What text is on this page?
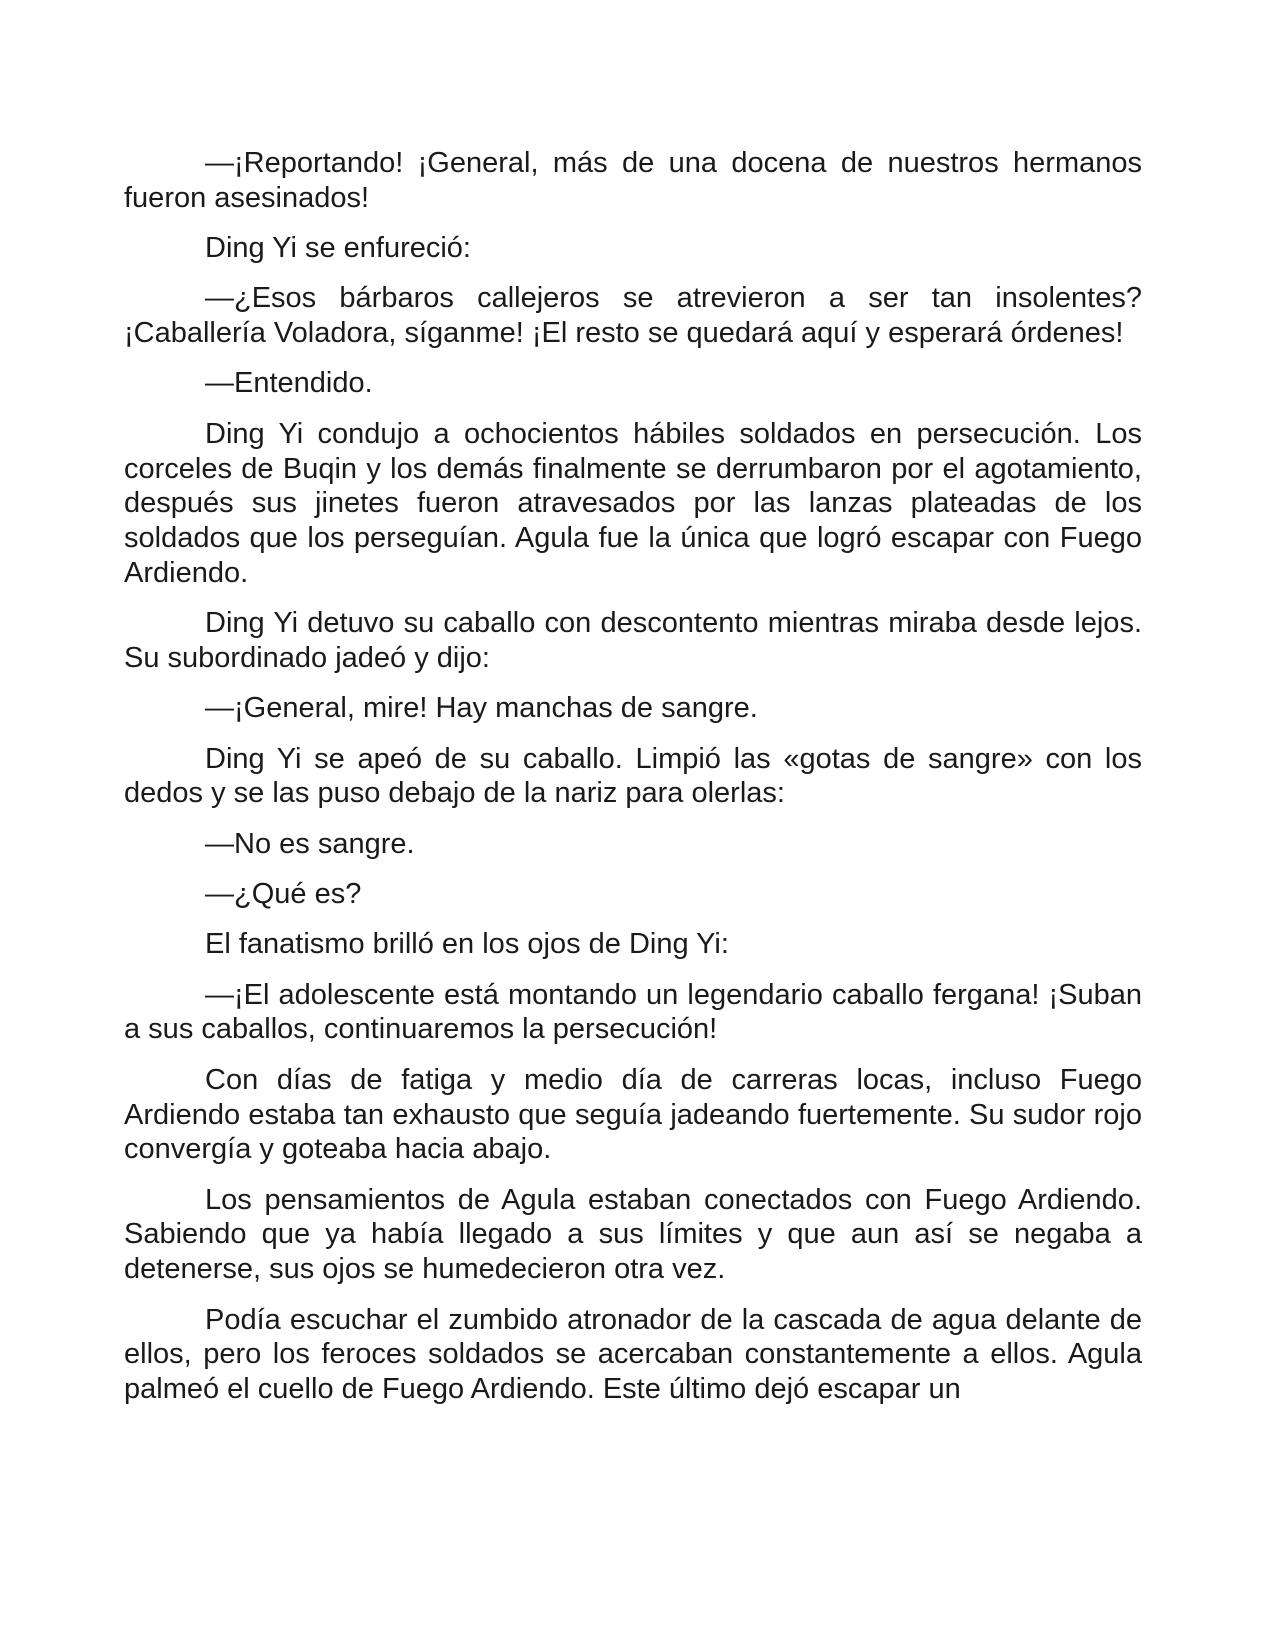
—¡Reportando! ¡General, más de una docena de nuestros hermanos fueron asesinados!

Ding Yi se enfureció:

—¿Esos bárbaros callejeros se atrevieron a ser tan insolentes? ¡Caballería Voladora, síganme! ¡El resto se quedará aquí y esperará órdenes!

—Entendido.

Ding Yi condujo a ochocientos hábiles soldados en persecución. Los corceles de Buqin y los demás finalmente se derrumbaron por el agotamiento, después sus jinetes fueron atravesados por las lanzas plateadas de los soldados que los perseguían. Agula fue la única que logró escapar con Fuego Ardiendo.

Ding Yi detuvo su caballo con descontento mientras miraba desde lejos. Su subordinado jadeó y dijo:

—¡General, mire! Hay manchas de sangre.

Ding Yi se apeó de su caballo. Limpió las «gotas de sangre» con los dedos y se las puso debajo de la nariz para olerlas:

—No es sangre.

—¿Qué es?

El fanatismo brilló en los ojos de Ding Yi:

—¡El adolescente está montando un legendario caballo fergana! ¡Suban a sus caballos, continuaremos la persecución!

Con días de fatiga y medio día de carreras locas, incluso Fuego Ardiendo estaba tan exhausto que seguía jadeando fuertemente. Su sudor rojo convergía y goteaba hacia abajo.

Los pensamientos de Agula estaban conectados con Fuego Ardiendo. Sabiendo que ya había llegado a sus límites y que aun así se negaba a detenerse, sus ojos se humedecieron otra vez.

Podía escuchar el zumbido atronador de la cascada de agua delante de ellos, pero los feroces soldados se acercaban constantemente a ellos. Agula palmeó el cuello de Fuego Ardiendo. Este último dejó escapar un
